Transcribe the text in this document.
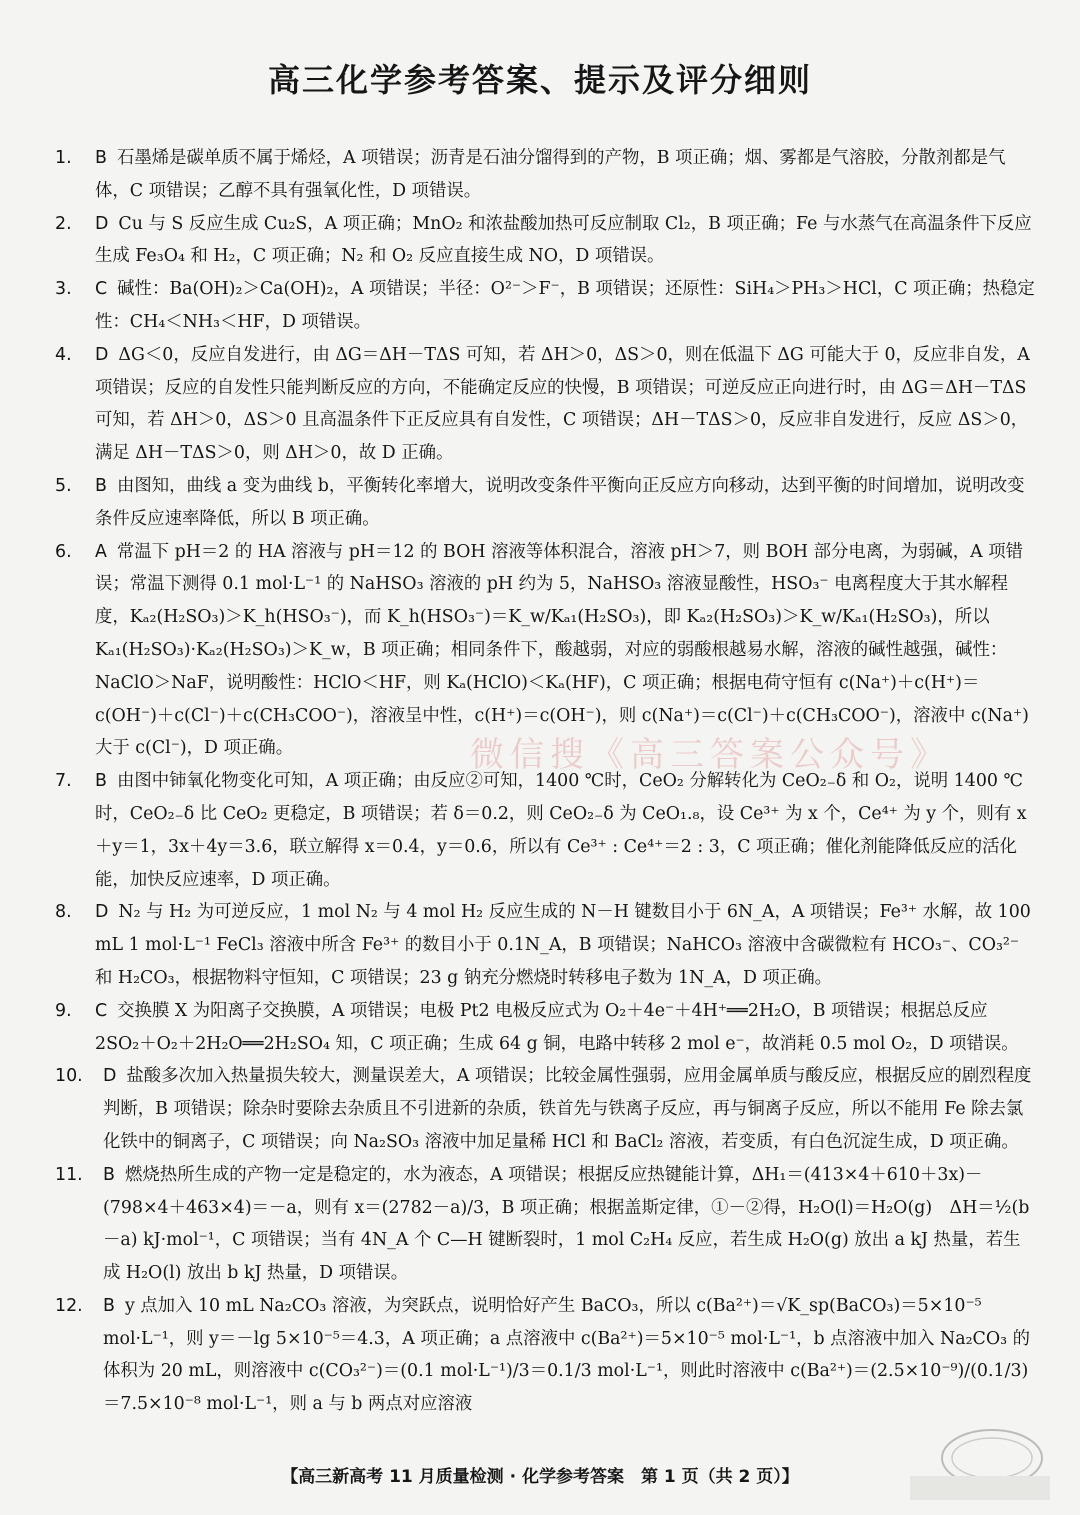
高三化学参考答案、提示及评分细则

1.	B 石墨烯是碳单质不属于烯烃，A 项错误；沥青是石油分馏得到的产物，B 项正确；烟、雾都是气溶胶，分散剂都是气体，C 项错误；乙醇不具有强氧化性，D 项错误。

2.	D Cu 与 S 反应生成 Cu₂S，A 项正确；MnO₂ 和浓盐酸加热可反应制取 Cl₂，B 项正确；Fe 与水蒸气在高温条件下反应生成 Fe₃O₄ 和 H₂，C 项正确；N₂ 和 O₂ 反应直接生成 NO，D 项错误。

3.	C 碱性：Ba(OH)₂＞Ca(OH)₂，A 项错误；半径：O²⁻＞F⁻，B 项错误；还原性：SiH₄＞PH₃＞HCl，C 项正确；热稳定性：CH₄＜NH₃＜HF，D 项错误。

4.	D ΔG＜0，反应自发进行，由 ΔG＝ΔH－TΔS 可知，若 ΔH＞0，ΔS＞0，则在低温下 ΔG 可能大于 0，反应非自发，A 项错误；反应的自发性只能判断反应的方向，不能确定反应的快慢，B 项错误；可逆反应正向进行时，由 ΔG＝ΔH－TΔS 可知，若 ΔH＞0，ΔS＞0 且高温条件下正反应具有自发性，C 项错误；ΔH－TΔS＞0，反应非自发进行，反应 ΔS＞0，满足 ΔH－TΔS＞0，则 ΔH＞0，故 D 正确。

5.	B 由图知，曲线 a 变为曲线 b，平衡转化率增大，说明改变条件平衡向正反应方向移动，达到平衡的时间增加，说明改变条件反应速率降低，所以 B 项正确。

6.	A 常温下 pH＝2 的 HA 溶液与 pH＝12 的 BOH 溶液等体积混合，溶液 pH＞7，则 BOH 部分电离，为弱碱，A 项错误；常温下测得 0.1 mol·L⁻¹ 的 NaHSO₃ 溶液的 pH 约为 5，NaHSO₃ 溶液显酸性，HSO₃⁻ 电离程度大于其水解程度，Kₐ₂(H₂SO₃)＞K_h(HSO₃⁻)，而 K_h(HSO₃⁻)＝K_w/Kₐ₁(H₂SO₃)，即 Kₐ₂(H₂SO₃)＞K_w/Kₐ₁(H₂SO₃)，所以 Kₐ₁(H₂SO₃)·Kₐ₂(H₂SO₃)＞K_w，B 项正确；相同条件下，酸越弱，对应的弱酸根越易水解，溶液的碱性越强，碱性：NaClO＞NaF，说明酸性：HClO＜HF，则 Kₐ(HClO)＜Kₐ(HF)，C 项正确；根据电荷守恒有 c(Na⁺)＋c(H⁺)＝c(OH⁻)＋c(Cl⁻)＋c(CH₃COO⁻)，溶液呈中性，c(H⁺)＝c(OH⁻)，则 c(Na⁺)＝c(Cl⁻)＋c(CH₃COO⁻)，溶液中 c(Na⁺) 大于 c(Cl⁻)，D 项正确。

7.	B 由图中铈氧化物变化可知，A 项正确；由反应②可知，1400 ℃时，CeO₂ 分解转化为 CeO₂₋δ 和 O₂，说明 1400 ℃时，CeO₂₋δ 比 CeO₂ 更稳定，B 项错误；若 δ＝0.2，则 CeO₂₋δ 为 CeO₁.₈，设 Ce³⁺ 为 x 个，Ce⁴⁺ 为 y 个，则有 x＋y＝1，3x＋4y＝3.6，联立解得 x＝0.4，y＝0.6，所以有 Ce³⁺ : Ce⁴⁺＝2 : 3，C 项正确；催化剂能降低反应的活化能，加快反应速率，D 项正确。

8.	D N₂ 与 H₂ 为可逆反应，1 mol N₂ 与 4 mol H₂ 反应生成的 N－H 键数目小于 6N_A，A 项错误；Fe³⁺ 水解，故 100 mL 1 mol·L⁻¹ FeCl₃ 溶液中所含 Fe³⁺ 的数目小于 0.1N_A，B 项错误；NaHCO₃ 溶液中含碳微粒有 HCO₃⁻、CO₃²⁻ 和 H₂CO₃，根据物料守恒知，C 项错误；23 g 钠充分燃烧时转移电子数为 1N_A，D 项正确。

9.	C 交换膜 X 为阳离子交换膜，A 项错误；电极 Pt2 电极反应式为 O₂＋4e⁻＋4H⁺══2H₂O，B 项错误；根据总反应 2SO₂＋O₂＋2H₂O══2H₂SO₄ 知，C 项正确；生成 64 g 铜，电路中转移 2 mol e⁻，故消耗 0.5 mol O₂，D 项错误。

10.	D 盐酸多次加入热量损失较大，测量误差大，A 项错误；比较金属性强弱，应用金属单质与酸反应，根据反应的剧烈程度判断，B 项错误；除杂时要除去杂质且不引进新的杂质，铁首先与铁离子反应，再与铜离子反应，所以不能用 Fe 除去氯化铁中的铜离子，C 项错误；向 Na₂SO₃ 溶液中加足量稀 HCl 和 BaCl₂ 溶液，若变质，有白色沉淀生成，D 项正确。

11.	B 燃烧热所生成的产物一定是稳定的，水为液态，A 项错误；根据反应热键能计算，ΔH₁＝(413×4＋610＋3x)－(798×4＋463×4)＝－a，则有 x＝(2782－a)/3，B 项正确；根据盖斯定律，①－②得，H₂O(l)＝H₂O(g)　ΔH＝½(b－a) kJ·mol⁻¹，C 项错误；当有 4N_A 个 C—H 键断裂时，1 mol C₂H₄ 反应，若生成 H₂O(g) 放出 a kJ 热量，若生成 H₂O(l) 放出 b kJ 热量，D 项错误。

12.	B y 点加入 10 mL Na₂CO₃ 溶液，为突跃点，说明恰好产生 BaCO₃，所以 c(Ba²⁺)＝√K_sp(BaCO₃)＝5×10⁻⁵ mol·L⁻¹，则 y＝－lg 5×10⁻⁵＝4.3，A 项正确；a 点溶液中 c(Ba²⁺)＝5×10⁻⁵ mol·L⁻¹，b 点溶液中加入 Na₂CO₃ 的体积为 20 mL，则溶液中 c(CO₃²⁻)＝(0.1 mol·L⁻¹)/3＝0.1/3 mol·L⁻¹，则此时溶液中 c(Ba²⁺)＝(2.5×10⁻⁹)/(0.1/3)＝7.5×10⁻⁸ mol·L⁻¹，则 a 与 b 两点对应溶液

微信搜《高三答案公众号》
【高三新高考 11 月质量检测 · 化学参考答案　第 1 页（共 2 页）】
